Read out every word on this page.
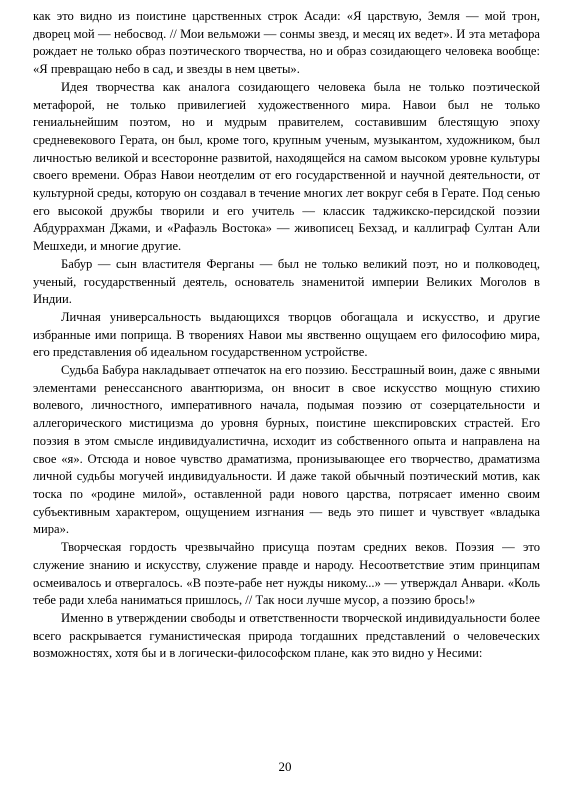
как это видно из поистине царственных строк Асади: «Я царствую, Земля — мой трон, дворец мой — небосвод. // Мои вельможи — сонмы звезд, и месяц их ведет». И эта метафора рождает не только образ поэтического творчества, но и образ созидающего человека вообще: «Я превращаю небо в сад, и звезды в нем цветы».

Идея творчества как аналога созидающего человека была не только поэтической метафорой, не только привилегией художественного мира. Навои был не только гениальнейшим поэтом, но и мудрым правителем, составившим блестящую эпоху средневекового Герата, он был, кроме того, крупным ученым, музыкантом, художником, был личностью великой и всесторонне развитой, находящейся на самом высоком уровне культуры своего времени. Образ Навои неотделим от его государственной и научной деятельности, от культурной среды, которую он создавал в течение многих лет вокруг себя в Герате. Под сенью его высокой дружбы творили и его учитель — классик таджикско-персидской поэзии Абдуррахман Джами, и «Рафаэль Востока» — живописец Бехзад, и каллиграф Султан Али Мешхеди, и многие другие.

Бабур — сын властителя Ферганы — был не только великий поэт, но и полководец, ученый, государственный деятель, основатель знаменитой империи Великих Моголов в Индии.

Личная универсальность выдающихся творцов обогащала и искусство, и другие избранные ими поприща. В творениях Навои мы явственно ощущаем его философию мира, его представления об идеальном государственном устройстве.

Судьба Бабура накладывает отпечаток на его поэзию. Бесстрашный воин, даже с явными элементами ренессансного авантюризма, он вносит в свое искусство мощную стихию волевого, личностного, императивного начала, подымая поэзию от созерцательности и аллегорического мистицизма до уровня бурных, поистине шекспировских страстей. Его поэзия в этом смысле индивидуалистична, исходит из собственного опыта и направлена на свое «я». Отсюда и новое чувство драматизма, пронизывающее его творчество, драматизма личной судьбы могучей индивидуальности. И даже такой обычный поэтический мотив, как тоска по «родине милой», оставленной ради нового царства, потрясает именно своим субъективным характером, ощущением изгнания — ведь это пишет и чувствует «владыка мира».

Творческая гордость чрезвычайно присуща поэтам средних веков. Поэзия — это служение знанию и искусству, служение правде и народу. Несоответствие этим принципам осмеивалось и отвергалось. «В поэте-рабе нет нужды никому...» — утверждал Анвари. «Коль тебе ради хлеба наниматься пришлось, // Так носи лучше мусор, а поэзию брось!»

Именно в утверждении свободы и ответственности творческой индивидуальности более всего раскрывается гуманистическая природа тогдашних представлений о человеческих возможностях, хотя бы и в логически-философском плане, как это видно у Несими:

20
